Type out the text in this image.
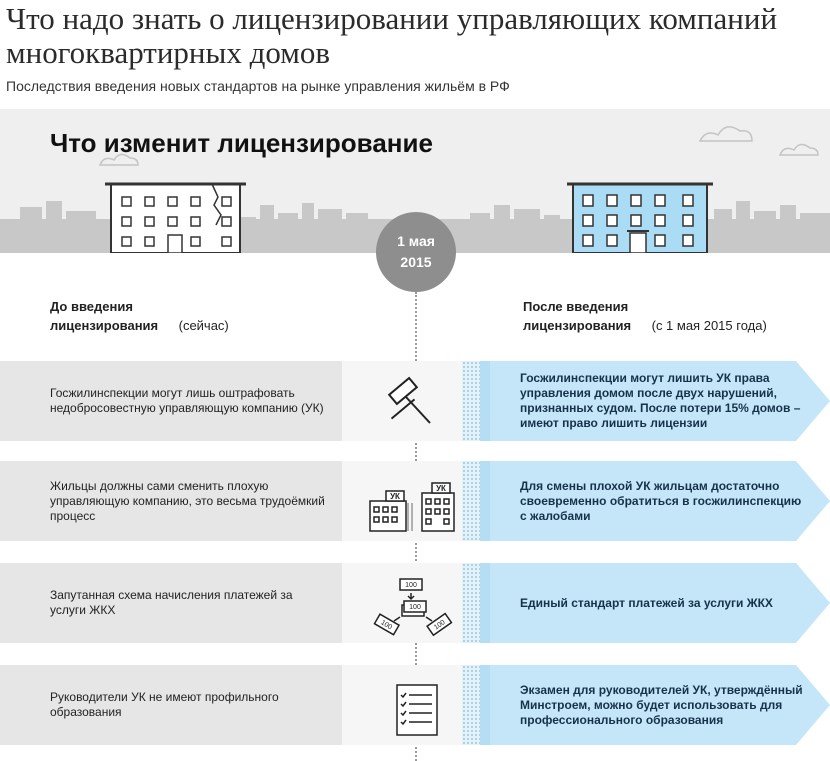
Что надо знать о лицензировании управляющих компаний многоквартирных домов
Последствия введения новых стандартов на рынке управления жильём в РФ
Что изменит лицензирование
1 мая
2015
До введения лицензирования (сейчас)
После введения лицензирования (с 1 мая 2015 года)
Госжилинспекции могут лишь оштрафовать недобросовестную управляющую компанию (УК)
Госжилинспекции могут лишить УК права управления домом после двух нарушений, признанных судом. После потери 15% домов – имеют право лишить лицензии
Жильцы должны сами сменить плохую управляющую компанию, это весьма трудоёмкий процесс
Для смены плохой УК жильцам достаточно своевременно обратиться в госжилинспекцию с жалобами
УК
УК
Запутанная схема начисления платежей за услуги ЖКХ
Единый стандарт платежей за услуги ЖКХ
100
100
100	100
Руководители УК не имеют профильного образования
Экзамен для руководителей УК, утверждённый Минстроем, можно будет использовать для профессионального образования
